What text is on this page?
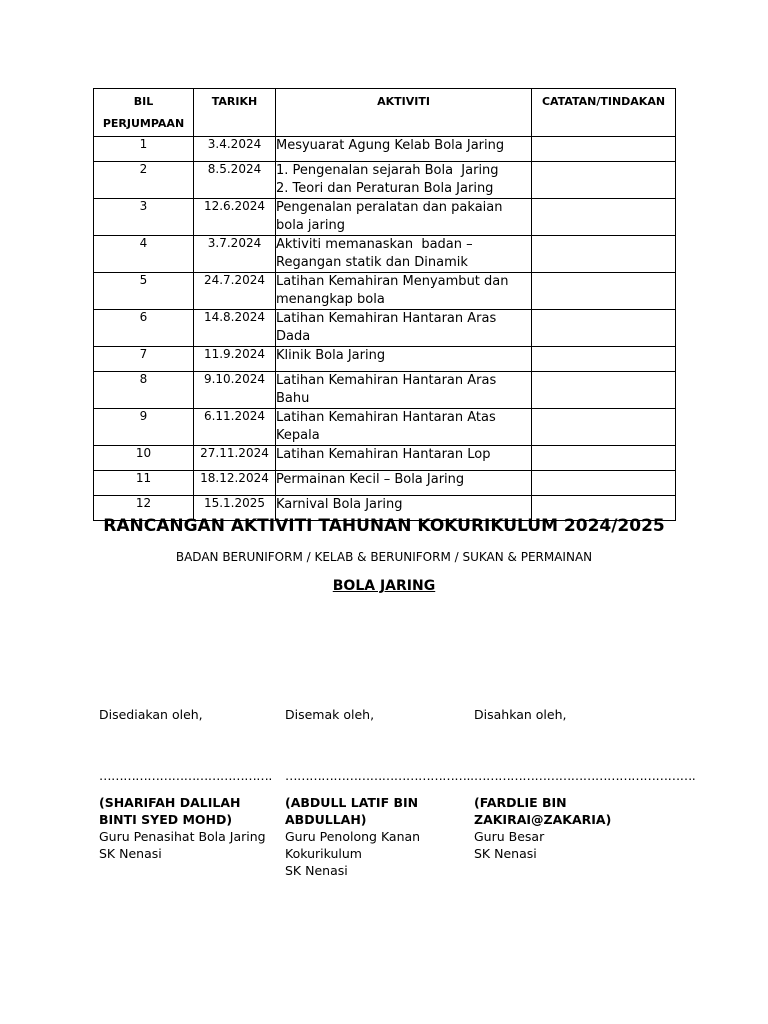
BIL
PERJUMPAAN	TARIKH	AKTIVITI	CATATAN/TINDAKAN

1	3.4.2024	Mesyuarat Agung Kelab Bola Jaring	

2	8.5.2024	1. Pengenalan sejarah Bola  Jaring
2. Teori dan Peraturan Bola Jaring	

3	12.6.2024	Pengenalan peralatan dan pakaian bola jaring	

4	3.7.2024	Aktiviti memanaskan  badan – Regangan statik dan Dinamik	

5	24.7.2024	Latihan Kemahiran Menyambut dan menangkap bola	

6	14.8.2024	Latihan Kemahiran Hantaran Aras Dada	

7	11.9.2024	Klinik Bola Jaring	

8	9.10.2024	Latihan Kemahiran Hantaran Aras Bahu	

9	6.11.2024	Latihan Kemahiran Hantaran Atas Kepala	

10	27.11.2024	Latihan Kemahiran Hantaran Lop	

11	18.12.2024	Permainan Kecil – Bola Jaring	

12	15.1.2025	Karnival Bola Jaring	

RANCANGAN AKTIVITI TAHUNAN KOKURIKULUM 2024/2025
BADAN BERUNIFORM / KELAB & BERUNIFORM / SUKAN & PERMAINAN
BOLA JARING
Disediakan oleh,
…………………………………….
(SHARIFAH DALILAH BINTI SYED MOHD)
Guru Penasihat Bola Jaring
SK Nenasi
Disemak oleh,
………………………………………..
(ABDULL LATIF BIN ABDULLAH)
Guru Penolong Kanan Kokurikulum
SK Nenasi
Disahkan oleh,
……………………………………………….
(FARDLIE BIN ZAKIRAI@ZAKARIA)
Guru Besar
SK Nenasi
